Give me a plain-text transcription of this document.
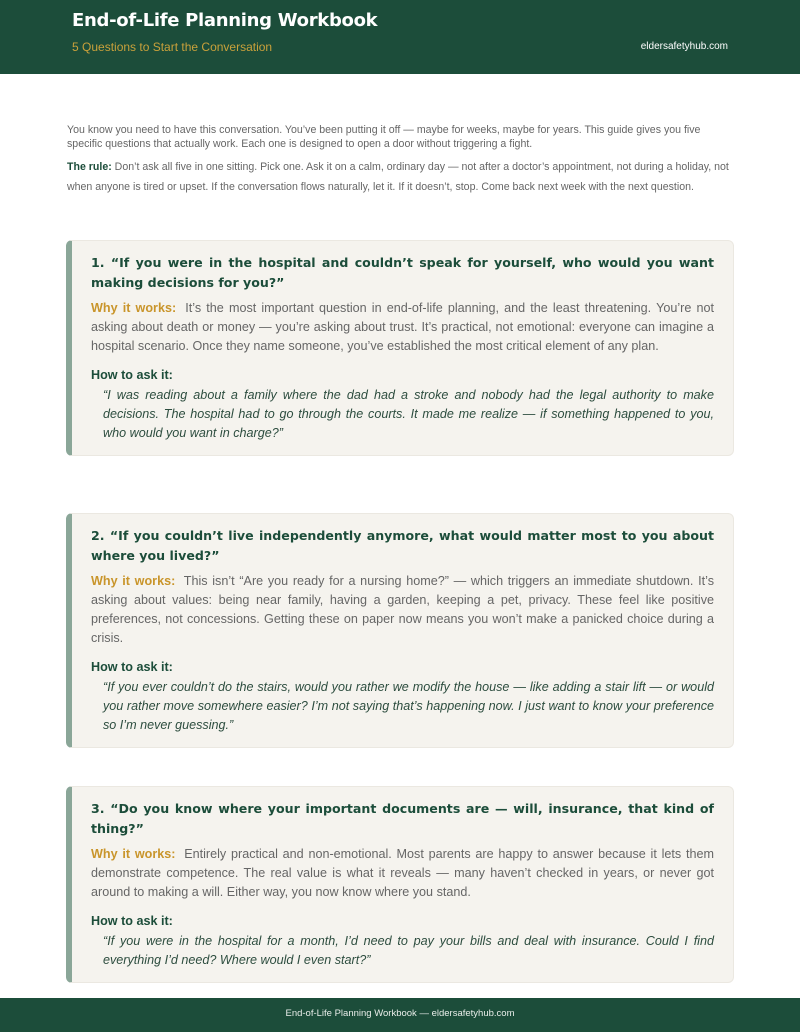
End-of-Life Planning Workbook
5 Questions to Start the Conversation	eldersafetyhub.com

You know you need to have this conversation. You’ve been putting it off — maybe for weeks, maybe for years. This guide gives you five specific questions that actually work. Each one is designed to open a door without triggering a fight.

The rule: Don’t ask all five in one sitting. Pick one. Ask it on a calm, ordinary day — not after a doctor’s appointment, not during a holiday, not when anyone is tired or upset. If the conversation flows naturally, let it. If it doesn’t, stop. Come back next week with the next question.

1. “If you were in the hospital and couldn’t speak for yourself, who would you want making decisions for you?”
Why it works: It’s the most important question in end-of-life planning, and the least threatening. You’re not asking about death or money — you’re asking about trust. It’s practical, not emotional: everyone can imagine a hospital scenario. Once they name someone, you’ve established the most critical element of any plan.
How to ask it:
“I was reading about a family where the dad had a stroke and nobody had the legal authority to make decisions. The hospital had to go through the courts. It made me realize — if something happened to you, who would you want in charge?”
2. “If you couldn’t live independently anymore, what would matter most to you about where you lived?”
Why it works: This isn’t “Are you ready for a nursing home?” — which triggers an immediate shutdown. It’s asking about values: being near family, having a garden, keeping a pet, privacy. These feel like positive preferences, not concessions. Getting these on paper now means you won’t make a panicked choice during a crisis.
How to ask it:
“If you ever couldn’t do the stairs, would you rather we modify the house — like adding a stair lift — or would you rather move somewhere easier? I’m not saying that’s happening now. I just want to know your preference so I’m never guessing.”
3. “Do you know where your important documents are — will, insurance, that kind of thing?”
Why it works: Entirely practical and non-emotional. Most parents are happy to answer because it lets them demonstrate competence. The real value is what it reveals — many haven’t checked in years, or never got around to making a will. Either way, you now know where you stand.
How to ask it:
“If you were in the hospital for a month, I’d need to pay your bills and deal with insurance. Could I find everything I’d need? Where would I even start?”
End-of-Life Planning Workbook — eldersafetyhub.com
